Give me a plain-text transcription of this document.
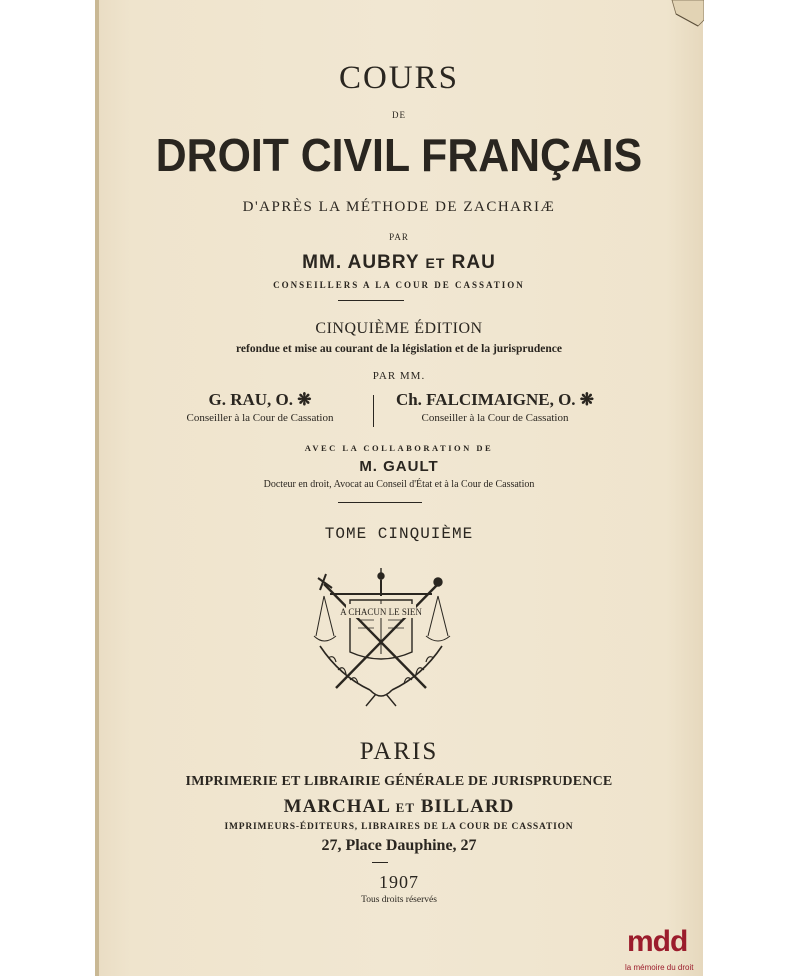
COURS
DE
DROIT CIVIL FRANÇAIS
D'APRÈS LA MÉTHODE DE ZACHARIÆ
PAR
MM. AUBRY ET RAU
CONSEILLERS A LA COUR DE CASSATION
CINQUIÈME ÉDITION
refondue et mise au courant de la législation et de la jurisprudence
PAR MM.
G. RAU, O. ❋
Conseiller à la Cour de Cassation
Ch. FALCIMAIGNE, O. ❋
Conseiller à la Cour de Cassation
AVEC LA COLLABORATION DE
M. GAULT
Docteur en droit, Avocat au Conseil d'État et à la Cour de Cassation
TOME CINQUIÈME
A CHACUN LE SIEN
PARIS
IMPRIMERIE ET LIBRAIRIE GÉNÉRALE DE JURISPRUDENCE
MARCHAL ET BILLARD
IMPRIMEURS-ÉDITEURS, LIBRAIRES DE LA COUR DE CASSATION
27, Place Dauphine, 27
1907
Tous droits réservés
mdd
la mémoire du droit
